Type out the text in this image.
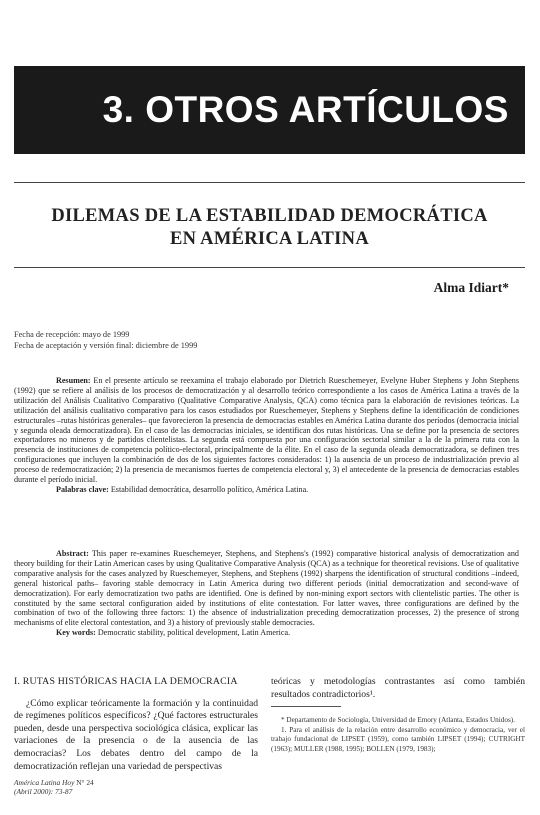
3. OTROS ARTÍCULOS
DILEMAS DE LA ESTABILIDAD DEMOCRÁTICA
EN AMÉRICA LATINA
Alma Idiart*
Fecha de recepción: mayo de 1999
Fecha de aceptación y versión final: diciembre de 1999
Resumen: En el presente artículo se reexamina el trabajo elaborado por Dietrich Rueschemeyer, Evelyne Huber Stephens y John Stephens (1992) que se refiere al análisis de los procesos de democratización y al desarrollo teórico correspondiente a los casos de América Latina a través de la utilización del Análisis Cualitativo Comparativo (Qualitative Comparative Analysis, QCA) como técnica para la elaboración de revisiones teóricas. La utilización del análisis cualitativo comparativo para los casos estudiados por Rueschemeyer, Stephens y Stephens define la identificación de condiciones estructurales –rutas históricas generales– que favorecieron la presencia de democracias estables en América Latina durante dos períodos (democracia inicial y segunda oleada democratizadora). En el caso de las democracias iniciales, se identifican dos rutas históricas. Una se define por la presencia de sectores exportadores no mineros y de partidos clientelistas. La segunda está compuesta por una configuración sectorial similar a la de la primera ruta con la presencia de instituciones de competencia político-electoral, principalmente de la élite. En el caso de la segunda oleada democratizadora, se definen tres configuraciones que incluyen la combinación de dos de los siguientes factores considerados: 1) la ausencia de un proceso de industrialización previo al proceso de redemocratización; 2) la presencia de mecanismos fuertes de competencia electoral y, 3) el antecedente de la presencia de democracias estables durante el período inicial.
Palabras clave: Estabilidad democrática, desarrollo político, América Latina.
Abstract: This paper re-examines Rueschemeyer, Stephens, and Stephens's (1992) comparative historical analysis of democratization and theory building for their Latin American cases by using Qualitative Comparative Analysis (QCA) as a technique for theoretical revisions. Use of qualitative comparative analysis for the cases analyzed by Rueschemeyer, Stephens, and Stephens (1992) sharpens the identification of structural conditions –indeed, general historical paths– favoring stable democracy in Latin America during two different periods (initial democratization and second-wave of democratization). For early democratization two paths are identified. One is defined by non-mining export sectors with clientelistic parties. The other is constituted by the same sectoral configuration aided by institutions of elite contestation. For latter waves, three configurations are defined by the combination of two of the following three factors: 1) the absence of industrialization preceding democratization processes, 2) the presence of strong mechanisms of elite electoral contestation, and 3) a history of previously stable democracies.
Key words: Democratic stability, political development, Latin America.
I. RUTAS HISTÓRICAS HACIA LA DEMOCRACIA

¿Cómo explicar teóricamente la formación y la continuidad de regímenes políticos específicos? ¿Qué factores estructurales pueden, desde una perspectiva sociológica clásica, explicar las variaciones de la presencia o de la ausencia de las democracias? Los debates dentro del campo de la democratización reflejan una variedad de perspectivas

teóricas y metodologías contrastantes así como también resultados contradictorios¹.

* Departamento de Sociología, Universidad de Emory (Atlanta, Estados Unidos).

1. Para el análisis de la relación entre desarrollo económico y democracia, ver el trabajo fundacional de LIPSET (1959), como también LIPSET (1994); CUTRIGHT (1963); MULLER (1988, 1995); BOLLEN (1979, 1983);

América Latina Hoy N° 24
(Abril 2000): 73-87
